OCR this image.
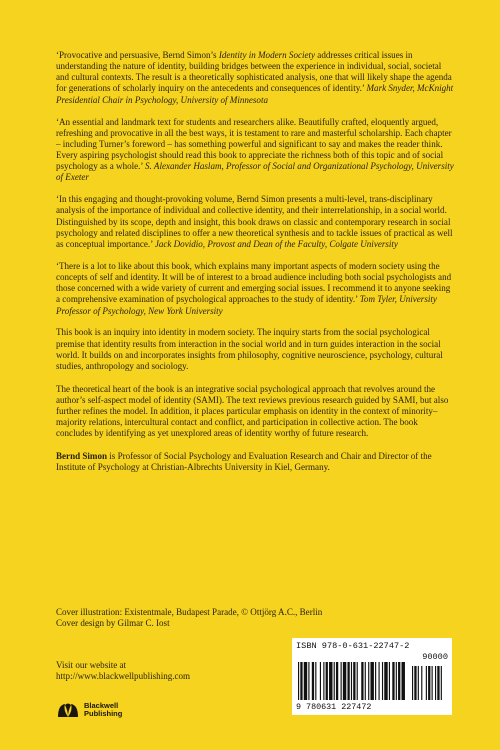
‘Provocative and persuasive, Bernd Simon’s Identity in Modern Society addresses critical issues in understanding the nature of identity, building bridges between the experience in individual, social, societal and cultural contexts. The result is a theoretically sophisticated analysis, one that will likely shape the agenda for generations of scholarly inquiry on the antecedents and consequences of identity.’ Mark Snyder, McKnight Presidential Chair in Psychology, University of Minnesota

‘An essential and landmark text for students and researchers alike. Beautifully crafted, eloquently argued, refreshing and provocative in all the best ways, it is testament to rare and masterful scholarship. Each chapter – including Turner’s foreword – has something powerful and significant to say and makes the reader think. Every aspiring psychologist should read this book to appreciate the richness both of this topic and of social psychology as a whole.’ S. Alexander Haslam, Professor of Social and Organizational Psychology, University of Exeter

‘In this engaging and thought-provoking volume, Bernd Simon presents a multi-level, trans-disciplinary analysis of the importance of individual and collective identity, and their interrelationship, in a social world. Distinguished by its scope, depth and insight, this book draws on classic and contemporary research in social psychology and related disciplines to offer a new theoretical synthesis and to tackle issues of practical as well as conceptual importance.’ Jack Dovidio, Provost and Dean of the Faculty, Colgate University

‘There is a lot to like about this book, which explains many important aspects of modern society using the concepts of self and identity. It will be of interest to a broad audience including both social psychologists and those concerned with a wide variety of current and emerging social issues. I recommend it to anyone seeking a comprehensive examination of psychological approaches to the study of identity.’ Tom Tyler, University Professor of Psychology, New York University

This book is an inquiry into identity in modern society. The inquiry starts from the social psychological premise that identity results from interaction in the social world and in turn guides interaction in the social world. It builds on and incorporates insights from philosophy, cognitive neuroscience, psychology, cultural studies, anthropology and sociology.

The theoretical heart of the book is an integrative social psychological approach that revolves around the author’s self-aspect model of identity (SAMI). The text reviews previous research guided by SAMI, but also further refines the model. In addition, it places particular emphasis on identity in the context of minority–majority relations, intercultural contact and conflict, and participation in collective action. The book concludes by identifying as yet unexplored areas of identity worthy of future research.

Bernd Simon is Professor of Social Psychology and Evaluation Research and Chair and Director of the Institute of Psychology at Christian-Albrechts University in Kiel, Germany.

Cover illustration: Existentmale, Budapest Parade, © Ottjörg A.C., Berlin
Cover design by Gilmar C. Iost
Visit our website at
http://www.blackwellpublishing.com
Blackwell
Publishing
ISBN 978-0-631-22747-2
90000
9 780631 227472
